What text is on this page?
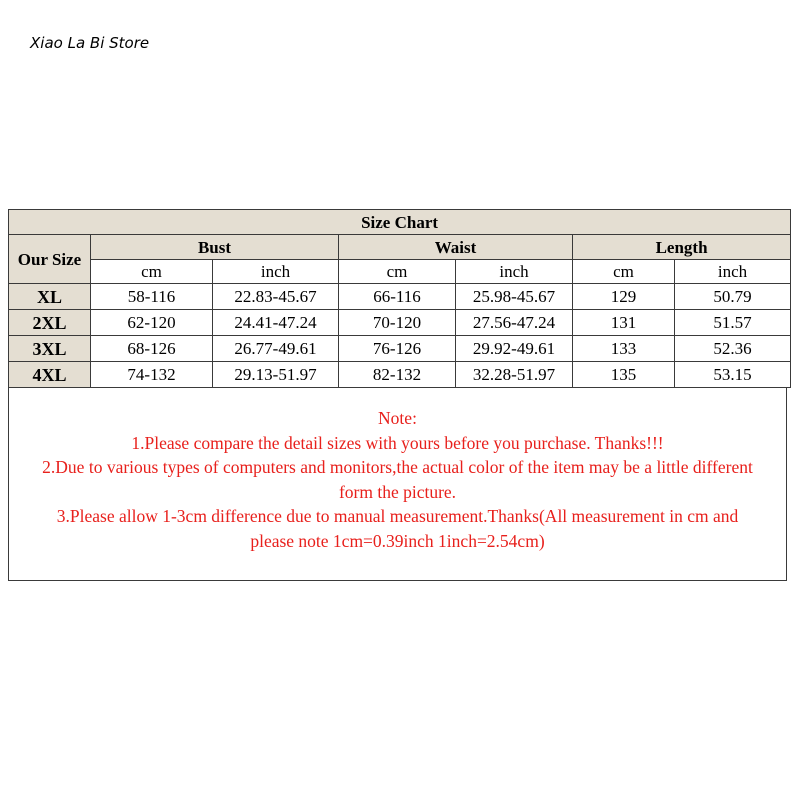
Xiao La Bi Store
Size Chart						
Our Size	Bust		Waist		Length	
	cm	inch	cm	inch	cm	inch
XL	58-116	22.83-45.67	66-116	25.98-45.67	129	50.79
2XL	62-120	24.41-47.24	70-120	27.56-47.24	131	51.57
3XL	68-126	26.77-49.61	76-126	29.92-49.61	133	52.36
4XL	74-132	29.13-51.97	82-132	32.28-51.97	135	53.15
Note:
1.Please compare the detail sizes with yours before you purchase. Thanks!!!
2.Due to various types of computers and monitors,the actual color of the item may be a little different
form the picture.
3.Please allow 1-3cm difference due to manual measurement.Thanks(All measurement in cm and
please note 1cm=0.39inch 1inch=2.54cm)
